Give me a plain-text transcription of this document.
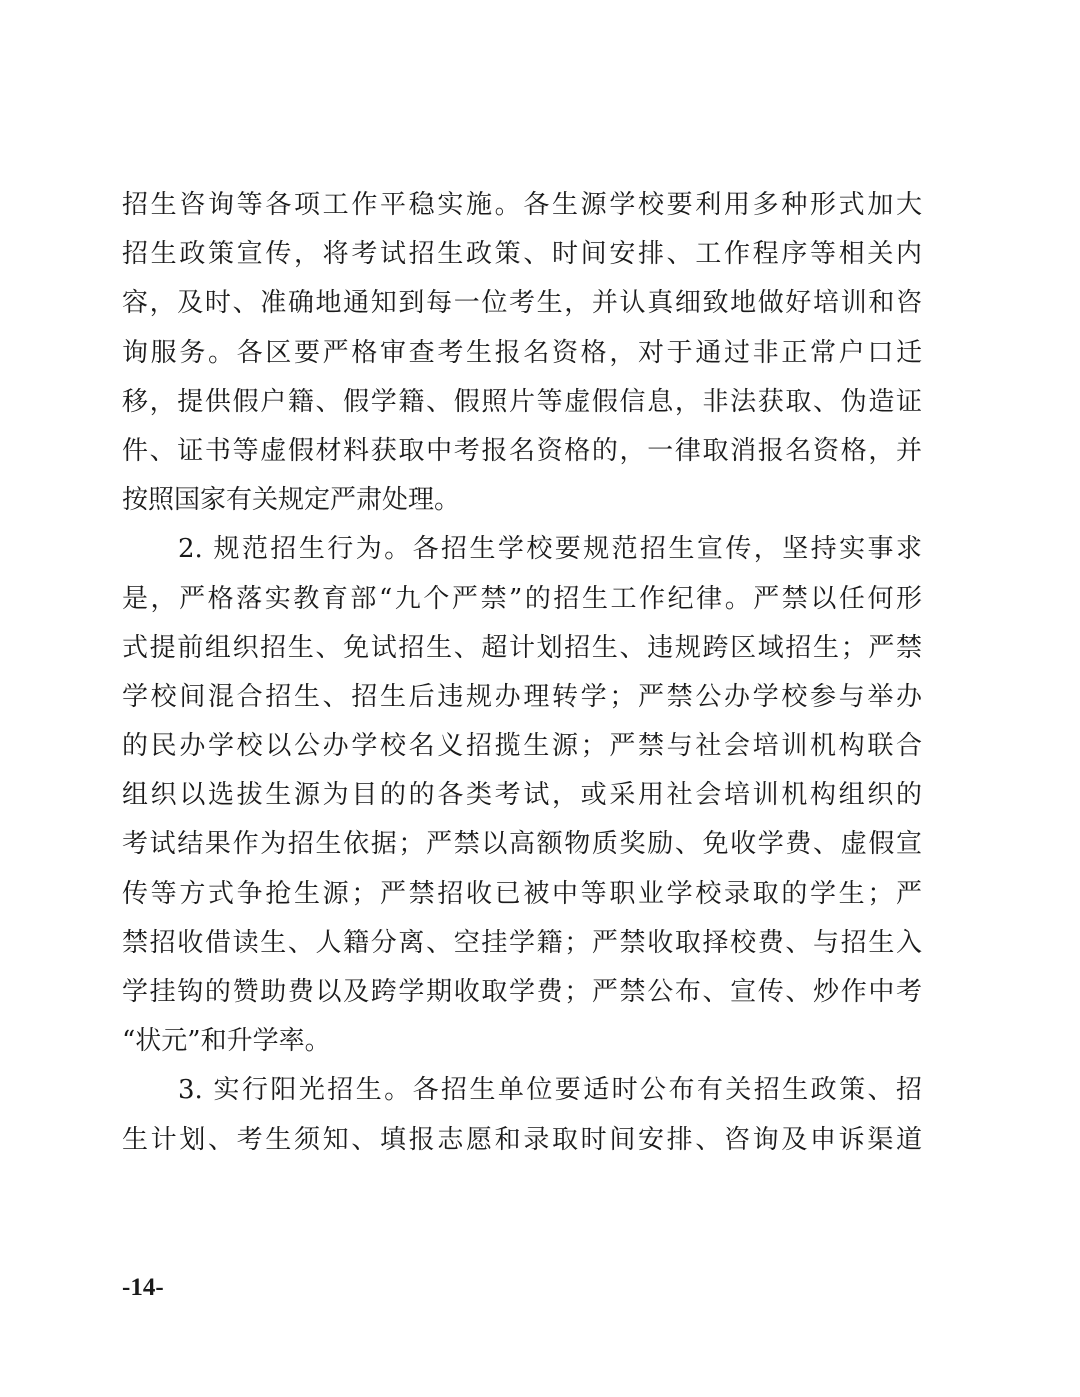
招生咨询等各项工作平稳实施。各生源学校要利用多种形式加大
招生政策宣传，将考试招生政策、时间安排、工作程序等相关内
容，及时、准确地通知到每一位考生，并认真细致地做好培训和咨
询服务。各区要严格审查考生报名资格，对于通过非正常户口迁
移，提供假户籍、假学籍、假照片等虚假信息，非法获取、伪造证
件、证书等虚假材料获取中考报名资格的，一律取消报名资格，并
按照国家有关规定严肃处理。
2. 规范招生行为。各招生学校要规范招生宣传，坚持实事求
是，严格落实教育部“九个严禁”的招生工作纪律。严禁以任何形
式提前组织招生、免试招生、超计划招生、违规跨区域招生；严禁
学校间混合招生、招生后违规办理转学；严禁公办学校参与举办
的民办学校以公办学校名义招揽生源；严禁与社会培训机构联合
组织以选拔生源为目的的各类考试，或采用社会培训机构组织的
考试结果作为招生依据；严禁以高额物质奖励、免收学费、虚假宣
传等方式争抢生源；严禁招收已被中等职业学校录取的学生；严
禁招收借读生、人籍分离、空挂学籍；严禁收取择校费、与招生入
学挂钩的赞助费以及跨学期收取学费；严禁公布、宣传、炒作中考
“状元”和升学率。
3. 实行阳光招生。各招生单位要适时公布有关招生政策、招
生计划、考生须知、填报志愿和录取时间安排、咨询及申诉渠道
-14-
